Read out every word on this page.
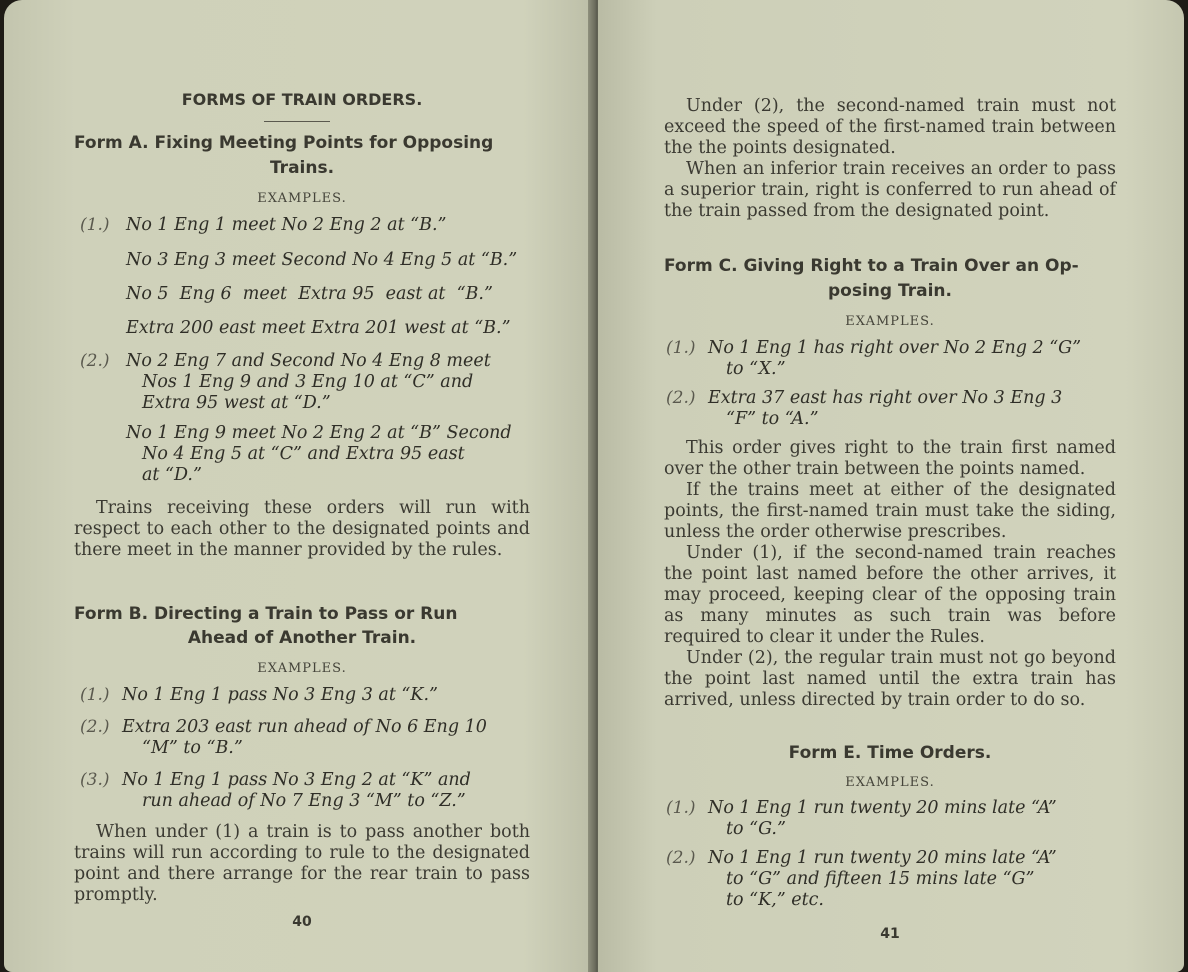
FORMS OF TRAIN ORDERS.
Form A. Fixing Meeting Points for Opposing
Trains.
EXAMPLES.
(1.) No 1 Eng 1 meet No 2 Eng 2 at “B.”
No 3 Eng 3 meet Second No 4 Eng 5 at “B.”
No 5  Eng 6  meet  Extra 95  east at  “B.”
Extra 200 east meet Extra 201 west at “B.”
(2.) No 2 Eng 7 and Second No 4 Eng 8 meet
Nos 1 Eng 9 and 3 Eng 10 at “C” and
Extra 95 west at “D.”
No 1 Eng 9 meet No 2 Eng 2 at “B” Second
No 4 Eng 5 at “C” and Extra 95 east
at “D.”
Trains receiving these orders will run with respect to each other to the designated points and there meet in the manner provided by the rules.
Form B. Directing a Train to Pass or Run
Ahead of Another Train.
EXAMPLES.
(1.) No 1 Eng 1 pass No 3 Eng 3 at “K.”
(2.) Extra 203 east run ahead of No 6 Eng 10
“M” to “B.”
(3.) No 1 Eng 1 pass No 3 Eng 2 at “K” and
run ahead of No 7 Eng 3 “M” to “Z.”
When under (1) a train is to pass another both trains will run according to rule to the designated point and there arrange for the rear train to pass promptly.
40
Under (2), the second-named train must not exceed the speed of the first-named train between the the points designated.
When an inferior train receives an order to pass a superior train, right is conferred to run ahead of the train passed from the designated point.
Form C. Giving Right to a Train Over an Op-
posing Train.
EXAMPLES.
(1.) No 1 Eng 1 has right over No 2 Eng 2 “G”
to “X.”
(2.) Extra 37 east has right over No 3 Eng 3
“F” to “A.”
This order gives right to the train first named over the other train between the points named.
If the trains meet at either of the designated points, the first-named train must take the siding, unless the order otherwise prescribes.
Under (1), if the second-named train reaches the point last named before the other arrives, it may proceed, keeping clear of the opposing train as many minutes as such train was before required to clear it under the Rules.
Under (2), the regular train must not go beyond the point last named until the extra train has arrived, unless directed by train order to do so.
Form E. Time Orders.
EXAMPLES.
(1.) No 1 Eng 1 run twenty 20 mins late “A”
to “G.”
(2.) No 1 Eng 1 run twenty 20 mins late “A”
to “G” and fifteen 15 mins late “G”
to “K,” etc.
41
